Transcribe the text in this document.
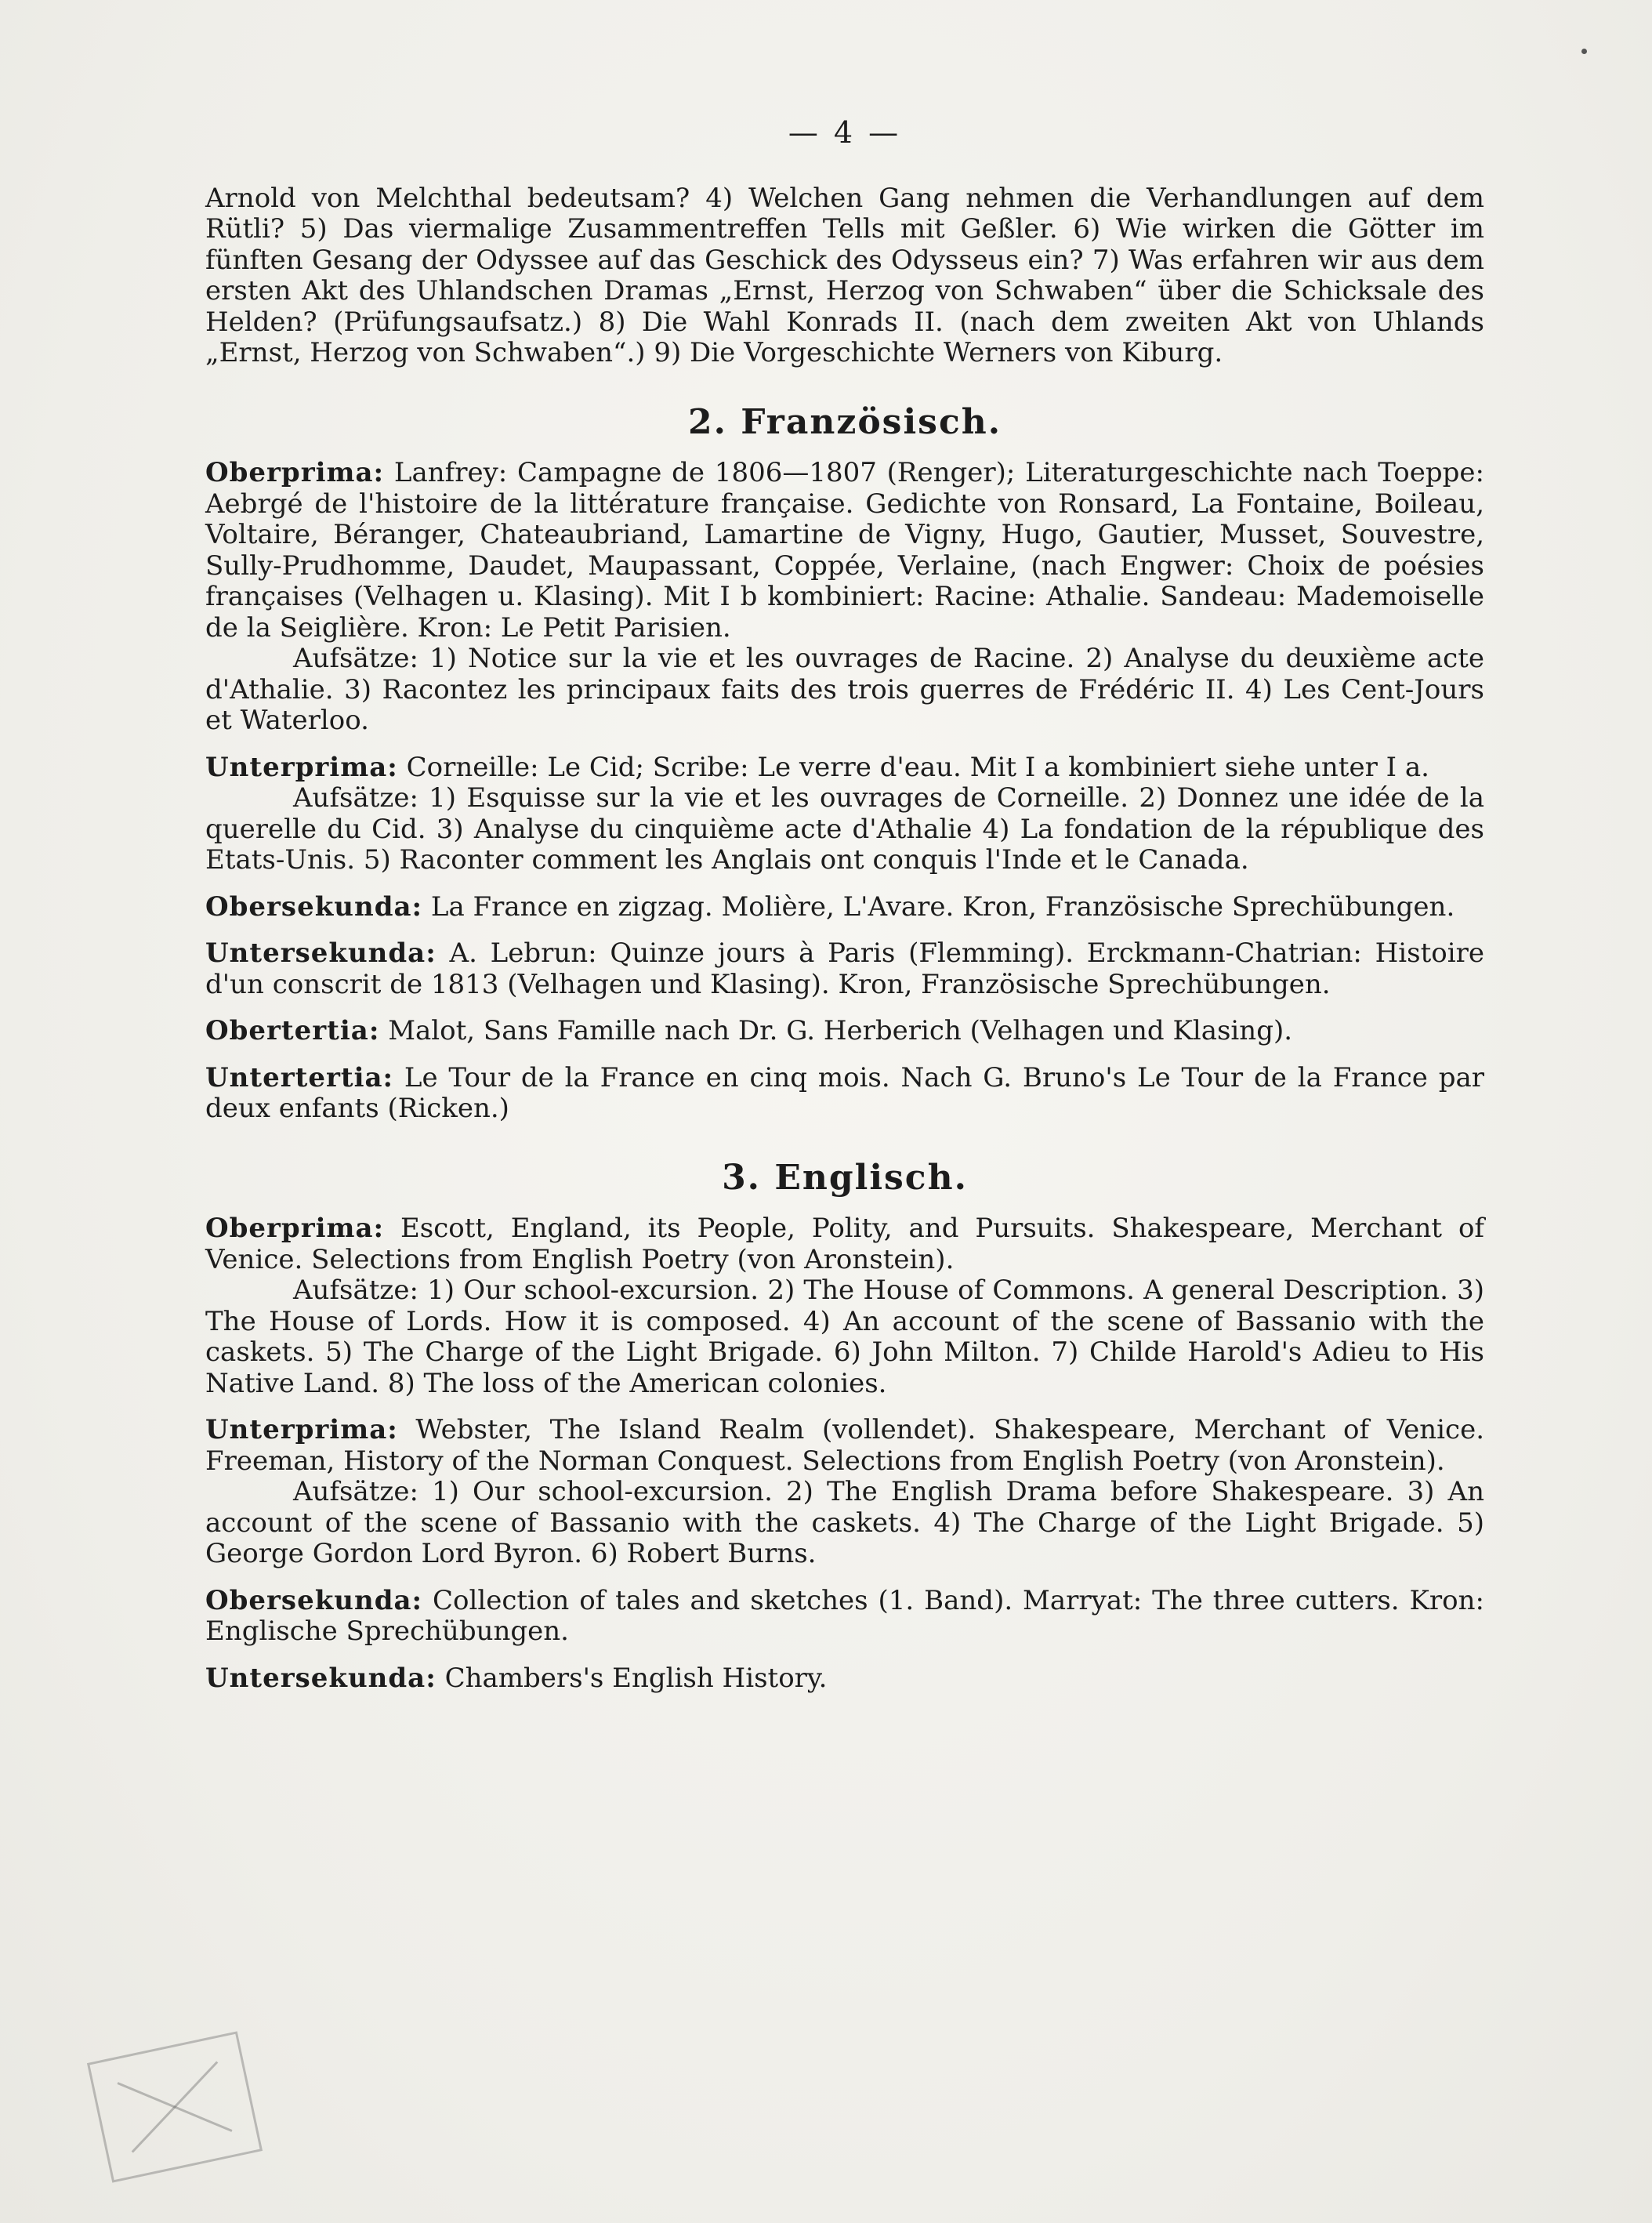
— 4 —

Arnold von Melchthal bedeutsam? 4) Welchen Gang nehmen die Verhandlungen auf dem Rütli? 5) Das viermalige Zusammentreffen Tells mit Geßler. 6) Wie wirken die Götter im fünften Gesang der Odyssee auf das Geschick des Odysseus ein? 7) Was erfahren wir aus dem ersten Akt des Uhlandschen Dramas „Ernst, Herzog von Schwaben“ über die Schicksale des Helden? (Prüfungsaufsatz.) 8) Die Wahl Konrads II. (nach dem zweiten Akt von Uhlands „Ernst, Herzog von Schwaben“.) 9) Die Vorgeschichte Werners von Kiburg.

2. Französisch.

Oberprima: Lanfrey: Campagne de 1806—1807 (Renger); Literaturgeschichte nach Toeppe: Aebrgé de l'histoire de la littérature française. Gedichte von Ronsard, La Fontaine, Boileau, Voltaire, Béranger, Chateaubriand, Lamartine de Vigny, Hugo, Gautier, Musset, Souvestre, Sully-Prudhomme, Daudet, Maupassant, Coppée, Verlaine, (nach Engwer: Choix de poésies françaises (Velhagen u. Klasing). Mit I b kombiniert: Racine: Athalie. Sandeau: Mademoiselle de la Seiglière. Kron: Le Petit Parisien.

Aufsätze: 1) Notice sur la vie et les ouvrages de Racine. 2) Analyse du deuxième acte d'Athalie. 3) Racontez les principaux faits des trois guerres de Frédéric II. 4) Les Cent-Jours et Waterloo.

Unterprima: Corneille: Le Cid; Scribe: Le verre d'eau. Mit I a kombiniert siehe unter I a.

Aufsätze: 1) Esquisse sur la vie et les ouvrages de Corneille. 2) Donnez une idée de la querelle du Cid. 3) Analyse du cinquième acte d'Athalie 4) La fondation de la république des Etats-Unis. 5) Raconter comment les Anglais ont conquis l'Inde et le Canada.

Obersekunda: La France en zigzag. Molière, L'Avare. Kron, Französische Sprechübungen.

Untersekunda: A. Lebrun: Quinze jours à Paris (Flemming). Erckmann-Chatrian: Histoire d'un conscrit de 1813 (Velhagen und Klasing). Kron, Französische Sprechübungen.

Obertertia: Malot, Sans Famille nach Dr. G. Herberich (Velhagen und Klasing).

Untertertia: Le Tour de la France en cinq mois. Nach G. Bruno's Le Tour de la France par deux enfants (Ricken.)

3. Englisch.

Oberprima: Escott, England, its People, Polity, and Pursuits. Shakespeare, Merchant of Venice. Selections from English Poetry (von Aronstein).

Aufsätze: 1) Our school-excursion. 2) The House of Commons. A general Description. 3) The House of Lords. How it is composed. 4) An account of the scene of Bassanio with the caskets. 5) The Charge of the Light Brigade. 6) John Milton. 7) Childe Harold's Adieu to His Native Land. 8) The loss of the American colonies.

Unterprima: Webster, The Island Realm (vollendet). Shakespeare, Merchant of Venice. Freeman, History of the Norman Conquest. Selections from English Poetry (von Aronstein).

Aufsätze: 1) Our school-excursion. 2) The English Drama before Shakespeare. 3) An account of the scene of Bassanio with the caskets. 4) The Charge of the Light Brigade. 5) George Gordon Lord Byron. 6) Robert Burns.

Obersekunda: Collection of tales and sketches (1. Band). Marryat: The three cutters. Kron: Englische Sprechübungen.

Untersekunda: Chambers's English History.
